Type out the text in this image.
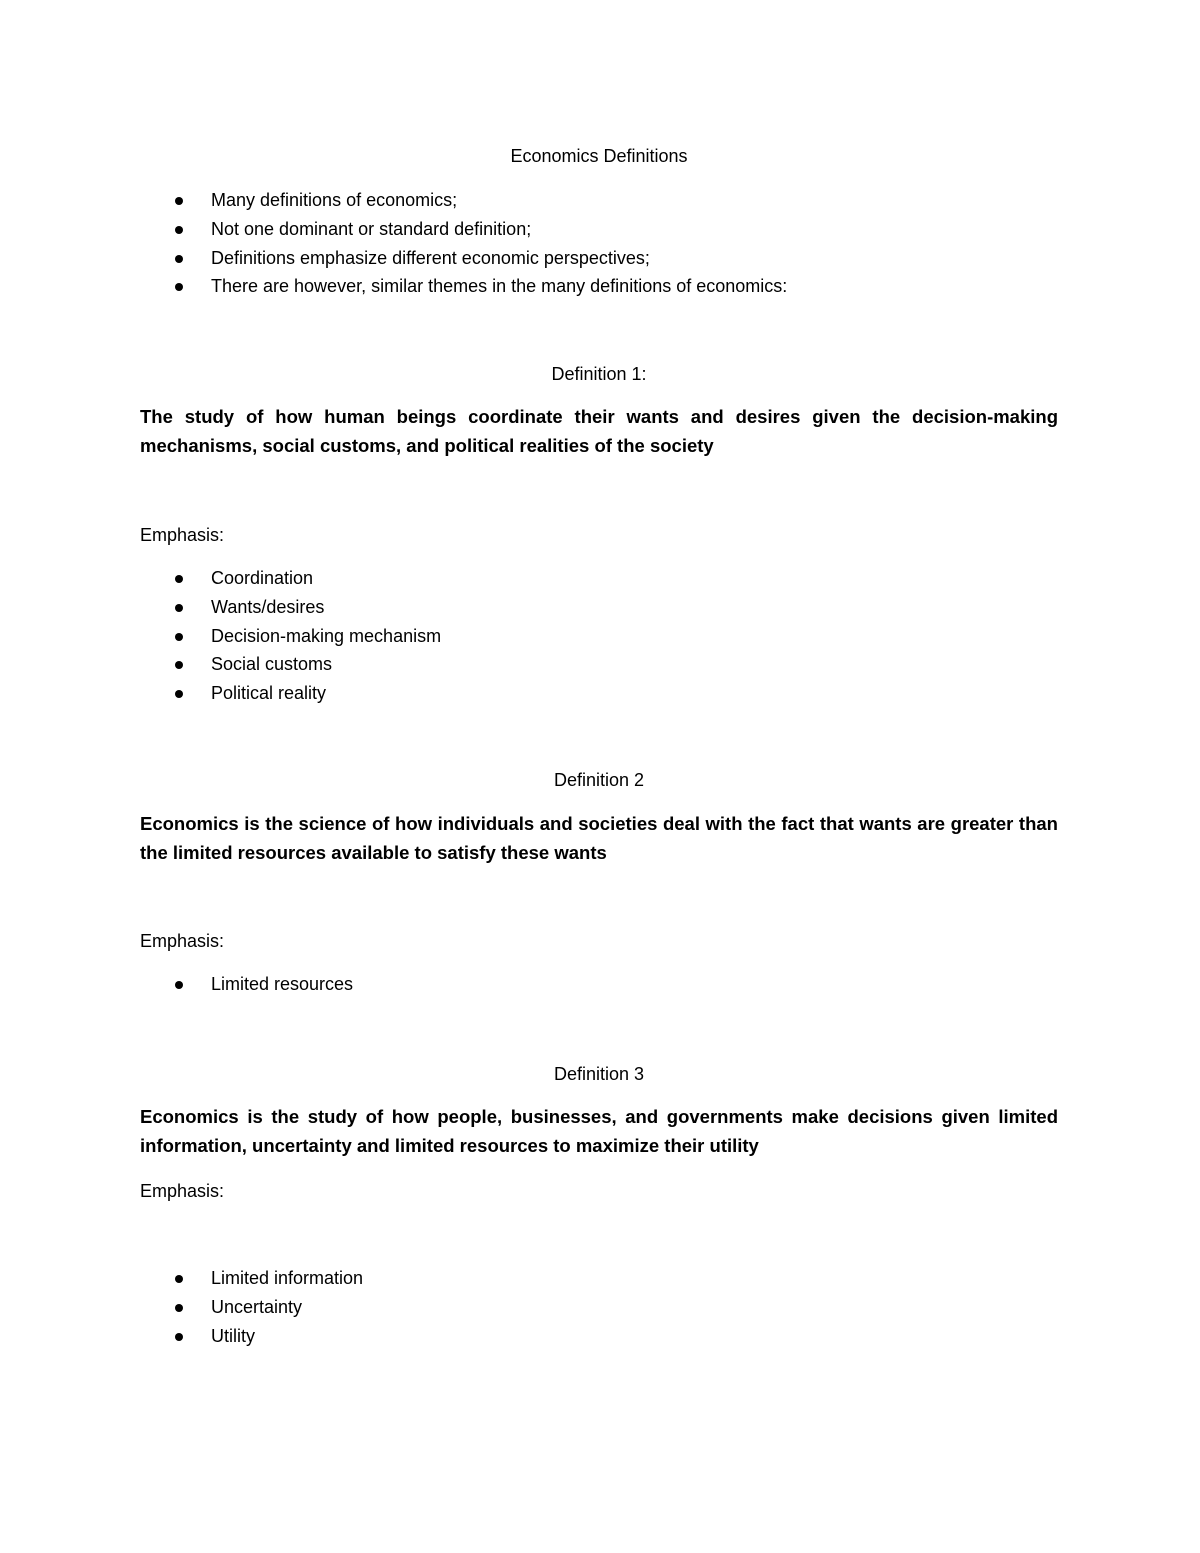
Economics Definitions
Many definitions of economics;
Not one dominant or standard definition;
Definitions emphasize different economic perspectives;
There are however, similar themes in the many definitions of economics:
Definition 1:

The study of how human beings coordinate their wants and desires given the decision-making mechanisms, social customs, and political realities of the society

Emphasis:
Coordination
Wants/desires
Decision-making mechanism
Social customs
Political reality
Definition 2

Economics is the science of how individuals and societies deal with the fact that wants are greater than the limited resources available to satisfy these wants

Emphasis:
Limited resources
Definition 3

Economics is the study of how people, businesses, and governments make decisions given limited information, uncertainty and limited resources to maximize their utility

Emphasis:
Limited information
Uncertainty
Utility
